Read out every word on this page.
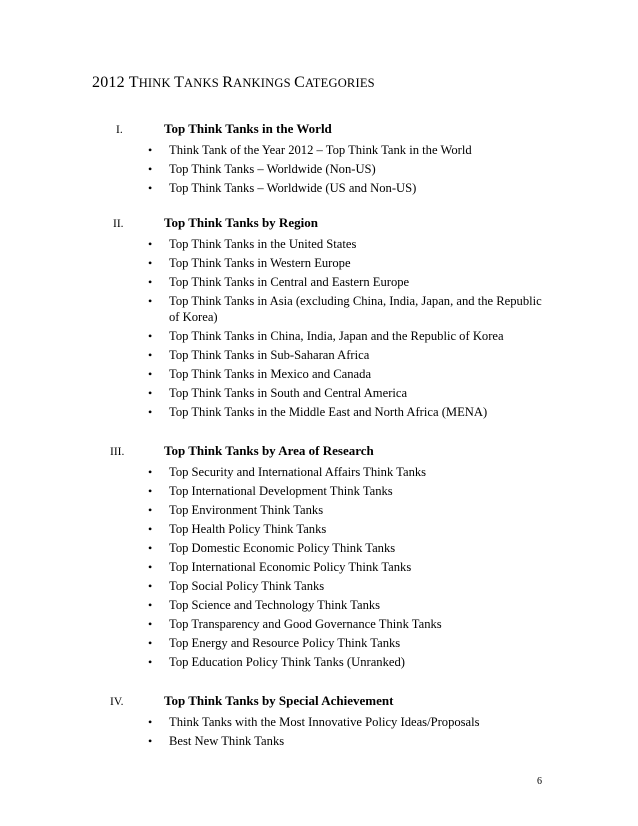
2012 THINK TANKS RANKINGS CATEGORIES
I.	Top Think Tanks in the World
• Think Tank of the Year 2012 – Top Think Tank in the World
• Top Think Tanks – Worldwide (Non-US)
• Top Think Tanks – Worldwide (US and Non-US)
II.	Top Think Tanks by Region
• Top Think Tanks in the United States
• Top Think Tanks in Western Europe
• Top Think Tanks in Central and Eastern Europe
• Top Think Tanks in Asia (excluding China, India, Japan, and the Republic of Korea)
• Top Think Tanks in China, India, Japan and the Republic of Korea
• Top Think Tanks in Sub-Saharan Africa
• Top Think Tanks in Mexico and Canada
• Top Think Tanks in South and Central America
• Top Think Tanks in the Middle East and North Africa (MENA)
III.	Top Think Tanks by Area of Research
• Top Security and International Affairs Think Tanks
• Top International Development Think Tanks
• Top Environment Think Tanks
• Top Health Policy Think Tanks
• Top Domestic Economic Policy Think Tanks
• Top International Economic Policy Think Tanks
• Top Social Policy Think Tanks
• Top Science and Technology Think Tanks
• Top Transparency and Good Governance Think Tanks
• Top Energy and Resource Policy Think Tanks
• Top Education Policy Think Tanks (Unranked)
IV.	Top Think Tanks by Special Achievement
• Think Tanks with the Most Innovative Policy Ideas/Proposals
• Best New Think Tanks
6
